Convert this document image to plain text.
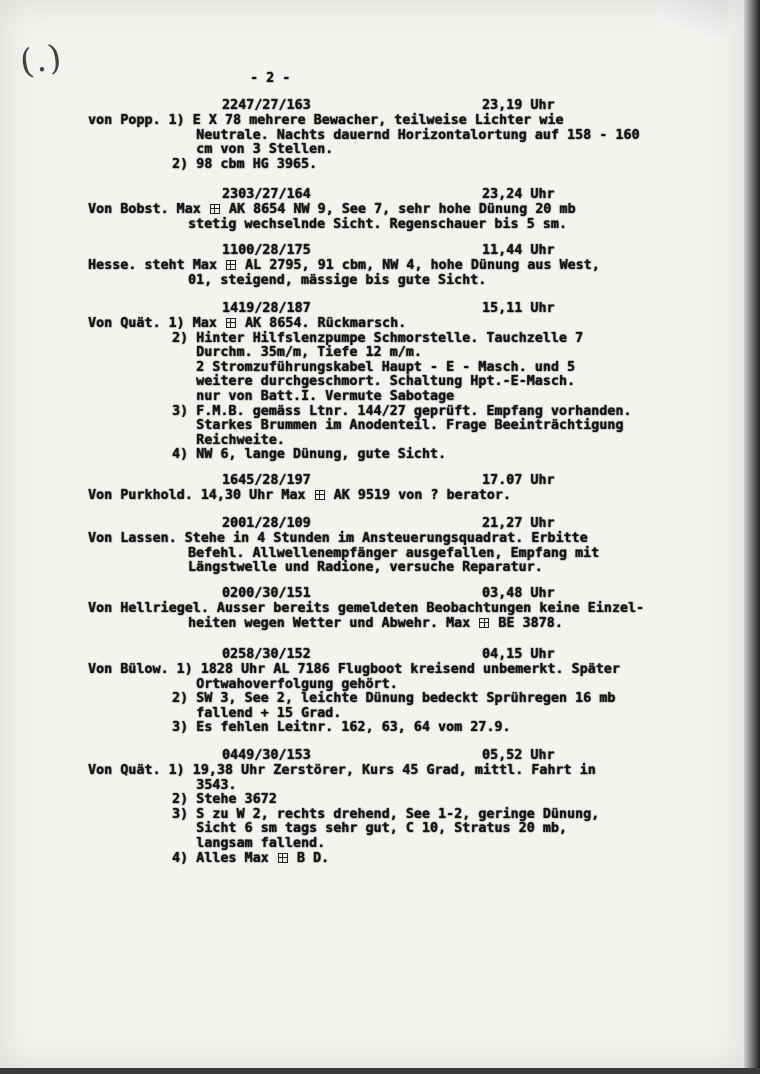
(.)	- 2 -
2247/27/163	23,19 Uhr
von Popp. 1) E X 78 mehrere Bewacher, teilweise Lichter wie
Neutrale. Nachts dauernd Horizontalortung auf 158 - 160
cm von 3 Stellen.
2) 98 cbm HG 3965.
2303/27/164	23,24 Uhr
Von Bobst. Max  AK 8654 NW 9, See 7, sehr hohe Dünung 20 mb
stetig wechselnde Sicht. Regenschauer bis 5 sm.
1100/28/175	11,44 Uhr
Hesse. steht Max  AL 2795, 91 cbm, NW 4, hohe Dünung aus West,
01, steigend, mässige bis gute Sicht.
1419/28/187	15,11 Uhr
Von Quät. 1) Max  AK 8654. Rückmarsch.
2) Hinter Hilfslenzpumpe Schmorstelle. Tauchzelle 7
Durchm. 35m/m, Tiefe 12 m/m.
2 Stromzuführungskabel Haupt - E - Masch. und 5
weitere durchgeschmort. Schaltung Hpt.-E-Masch.
nur von Batt.I. Vermute Sabotage
3) F.M.B. gemäss Ltnr. 144/27 geprüft. Empfang vorhanden.
Starkes Brummen im Anodenteil. Frage Beeinträchtigung
Reichweite.
4) NW 6, lange Dünung, gute Sicht.
1645/28/197	17.07 Uhr
Von Purkhold. 14,30 Uhr Max  AK 9519 von ? berator.
2001/28/109	21,27 Uhr
Von Lassen. Stehe in 4 Stunden im Ansteuerungsquadrat. Erbitte
Befehl. Allwellenempfänger ausgefallen, Empfang mit
Längstwelle und Radione, versuche Reparatur.
0200/30/151	03,48 Uhr
Von Hellriegel. Ausser bereits gemeldeten Beobachtungen keine Einzel-
heiten wegen Wetter und Abwehr. Max  BE 3878.
0258/30/152	04,15 Uhr
Von Bülow. 1) 1828 Uhr AL 7186 Flugboot kreisend unbemerkt. Später
Ortwahoverfolgung gehört.
2) SW 3, See 2, leichte Dünung bedeckt Sprühregen 16 mb
fallend + 15 Grad.
3) Es fehlen Leitnr. 162, 63, 64 vom 27.9.
0449/30/153	05,52 Uhr
Von Quät. 1) 19,38 Uhr Zerstörer, Kurs 45 Grad, mittl. Fahrt in
3543.
2) Stehe 3672
3) S zu W 2, rechts drehend, See 1-2, geringe Dünung,
Sicht 6 sm tags sehr gut, C 10, Stratus 20 mb,
langsam fallend.
4) Alles Max  B D.
